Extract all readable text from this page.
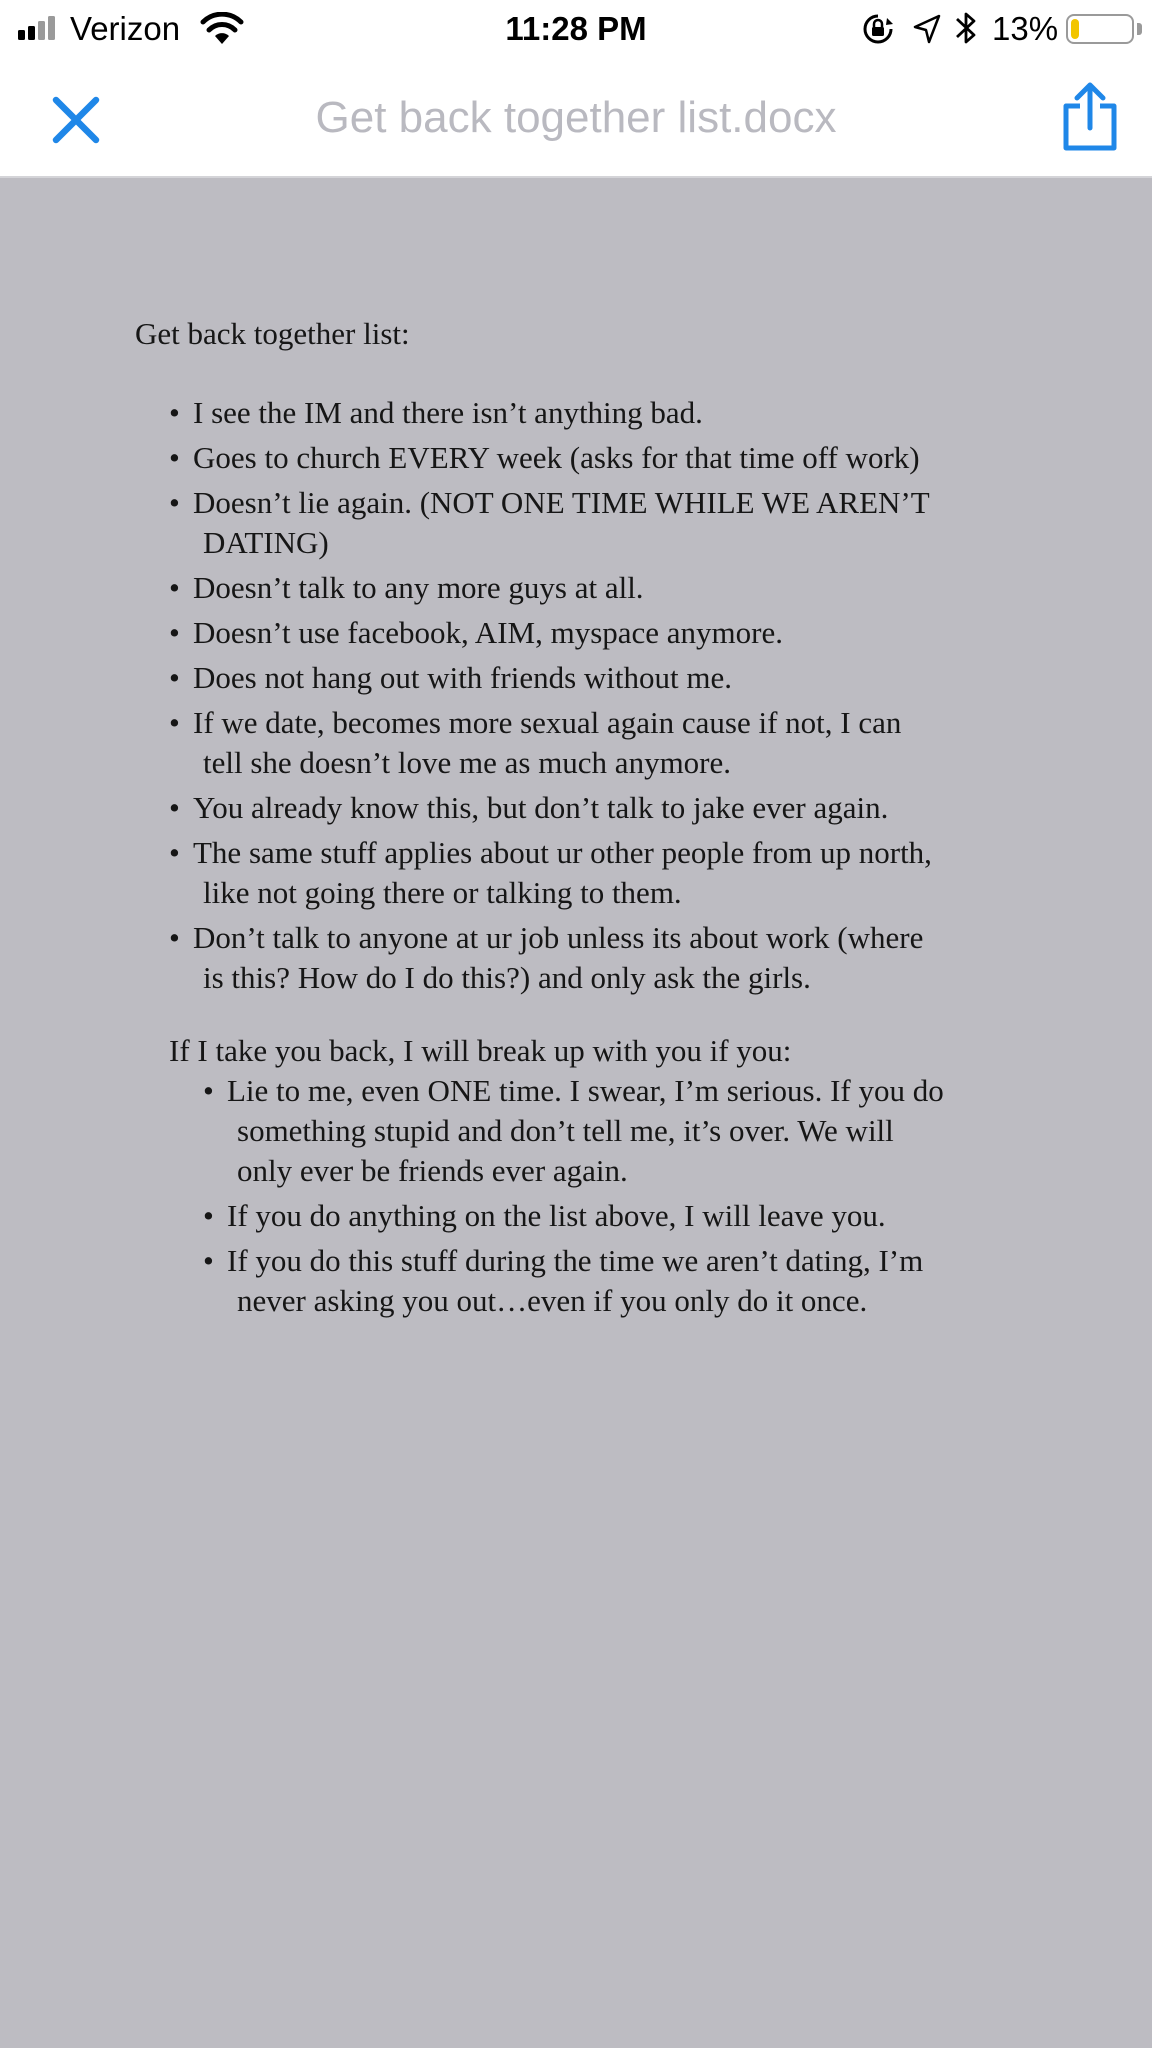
Verizon	11:28 PM	13%
Get back together list.docx
Get back together list:
• I see the IM and there isn’t anything bad.
• Goes to church EVERY week (asks for that time off work)
• Doesn’t lie again. (NOT ONE TIME WHILE WE AREN’T
DATING)
• Doesn’t talk to any more guys at all.
• Doesn’t use facebook, AIM, myspace anymore.
• Does not hang out with friends without me.
• If we date, becomes more sexual again cause if not, I can
tell she doesn’t love me as much anymore.
• You already know this, but don’t talk to jake ever again.
• The same stuff applies about ur other people from up north,
like not going there or talking to them.
• Don’t talk to anyone at ur job unless its about work (where
is this? How do I do this?) and only ask the girls.
If I take you back, I will break up with you if you:
• Lie to me, even ONE time. I swear, I’m serious. If you do
something stupid and don’t tell me, it’s over. We will
only ever be friends ever again.
• If you do anything on the list above, I will leave you.
• If you do this stuff during the time we aren’t dating, I’m
never asking you out…even if you only do it once.
